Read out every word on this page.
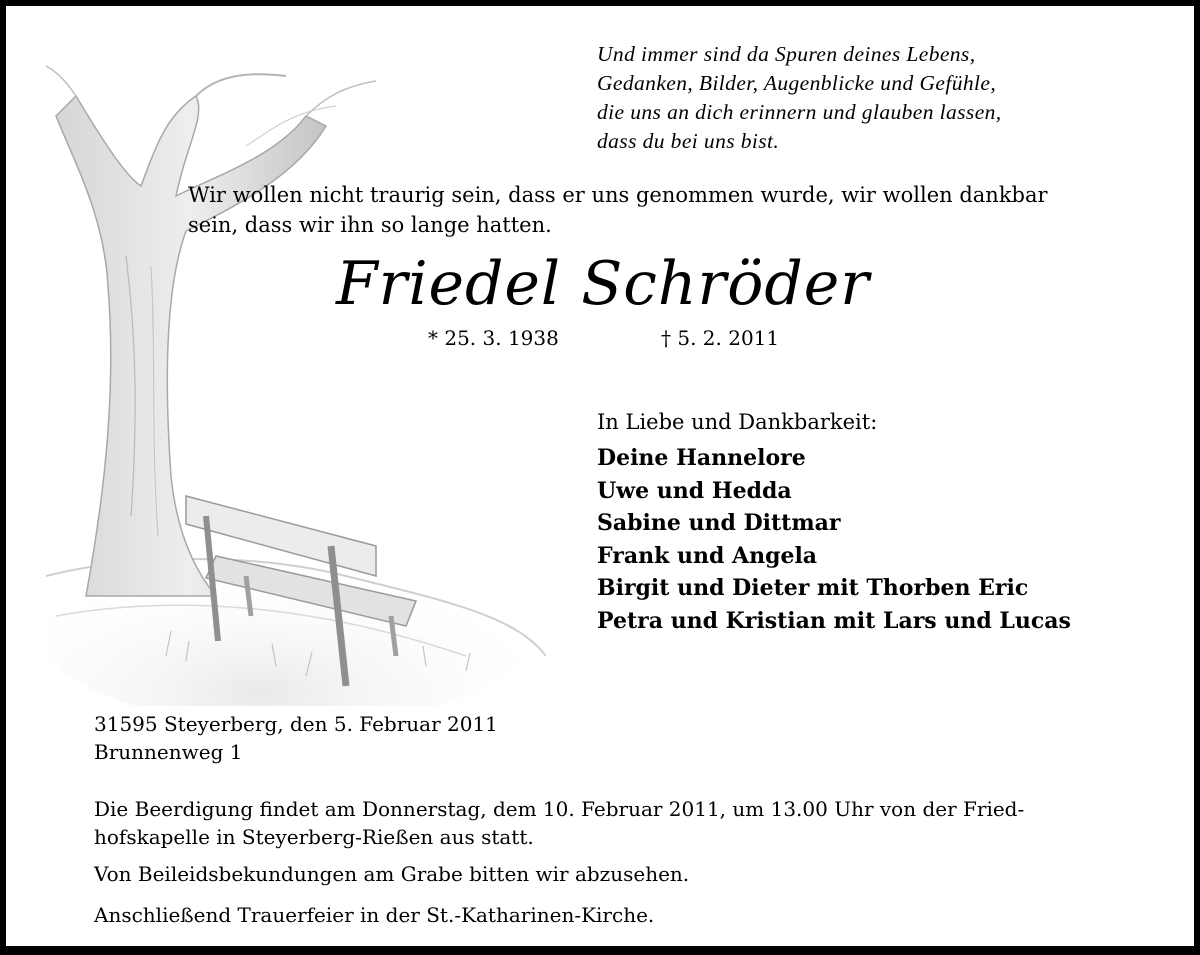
Und immer sind da Spuren deines Lebens,
Gedanken, Bilder, Augenblicke und Gefühle,
die uns an dich erinnern und glauben lassen,
dass du bei uns bist.
Wir wollen nicht traurig sein, dass er uns genommen wurde, wir wollen dankbar
sein, dass wir ihn so lange hatten.
Friedel Schröder
* 25. 3. 1938	† 5. 2. 2011
In Liebe und Dankbarkeit:
Deine Hannelore
Uwe und Hedda
Sabine und Dittmar
Frank und Angela
Birgit und Dieter mit Thorben Eric
Petra und Kristian mit Lars und Lucas
31595 Steyerberg, den 5. Februar 2011
Brunnenweg 1
Die Beerdigung findet am Donnerstag, dem 10. Februar 2011, um 13.00 Uhr von der Fried-
hofskapelle in Steyerberg-Rießen aus statt.
Von Beileidsbekundungen am Grabe bitten wir abzusehen.
Anschließend Trauerfeier in der St.-Katharinen-Kirche.
